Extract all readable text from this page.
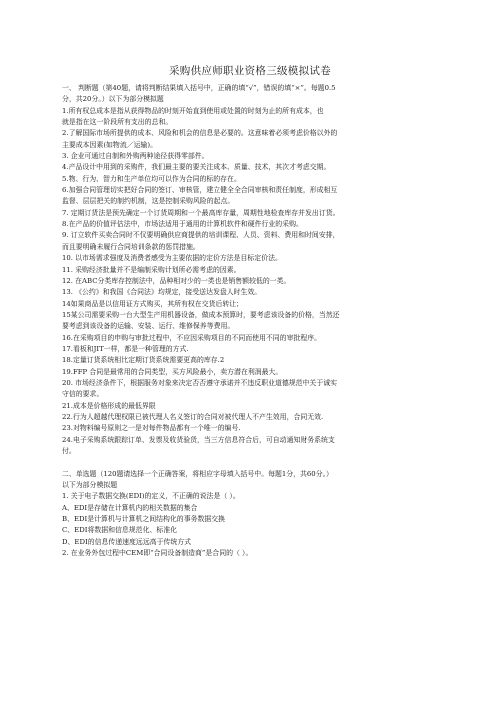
采购供应师职业资格三级模拟试卷
一、 判断题（第40题，请将判断结果填入括号中，正确的填“√”，错误的填“×”。每题0.5
分，共20分。）以下为部分模拟题
1.所有权总成本是指从获得物品的时刻开始直到使用或处置的时刻为止的所有成本，也
就是指在这一阶段所有支出的总和。
2.了解国际市场所提供的成本、风险和机会的信息是必要的。这意味着必须考虑价格以外的
主要成本因素(如物流／运输)。
3. 企业可通过自制和外购两种途径获得零部件。
4.产品设计中用到的采购件，我们最主要的要关注成本、质量、技术，其次才考虑交期。
5.物、行为、智力和生产单位均可以作为合同的标的存在。
6.加强合同管理切实把好合同的签订、审核管，建立健全全合同审核和责任制度，形成相互
监督、层层把关的制约机制，这是控制采购风险的起点。
7. 定期订货法是预先确定一个订货周期和一个最高库存量，周期性地检查库存并发出订货。
8.在产品的价值评估法中，市场法适用于通用的计算机软件和硬件行业的采购。
9. 订立软件买卖合同时不仅要明确供应商提供的培训课程、人员、资料、费用和时间安排，
而且要明确未履行合同培训条款的惩罚措施。
10. 以市场需求强度及消费者感受为主要依据的定价方法是目标定价法。
11. 采购经济批量并不是编制采购计划所必需考虑的因素。
12. 在ABC分类库存控制法中，品种相对少的一类也是销售额较低的一类。
13. 《公约》和我国《合同法》均规定，接受送达发盘人时生效。
14如果商品是以信用证方式购买，其所有权在交货后转让；
15某公司需要采购一台大型生产用机器设备，做成本预算时，要考虑该设备的价格，当然还
要考虑到该设备的运输、安装、运行、维修保养等费用。
16.在采购项目的申购与审批过程中，不应因采购项目的不同而使用不同的审批程序。
17.看板和JIT一样，都是一种管理的方式.
18.定量订货系统相比定期订货系统需要更高的库存.2
19.FFP 合同是最常用的合同类型，买方风险最小，卖方潜在利润最大。
20. 市场经济条件下，根据服务对象来决定否否遵守承诺并不违反职业道德规范中关于诚实
守信的要求。
21.成本是价格形成的最低界限
22.行为人超越代理权限已被代理人名义签订的合同对被代理人不产生效用，合同无效.
23.对物料编号原则之一是对每件物品都有一个唯一的编号.
24.电子采购系统跟踪订单、发票及收货验货，当三方信息符合后，可自动通知财务系统支
付。
二、单选题（120题请选择一个正确答案，将相应字母填入括号中。每题1分，共60分。）
以下为部分模拟题
1. 关于电子数据交换(EDI)的定义，不正确的说法是（ ）。
A、EDI是存储在计算机内的相关数据的集合
B、EDI是计算机与计算机之间结构化的事务数据交换
C、EDI将数据和信息规范化、标准化
D、EDI的信息传递速度远远高于传统方式
2. 在业务外包过程中CEM即“合同设备制造商”是合同的（ ）。
